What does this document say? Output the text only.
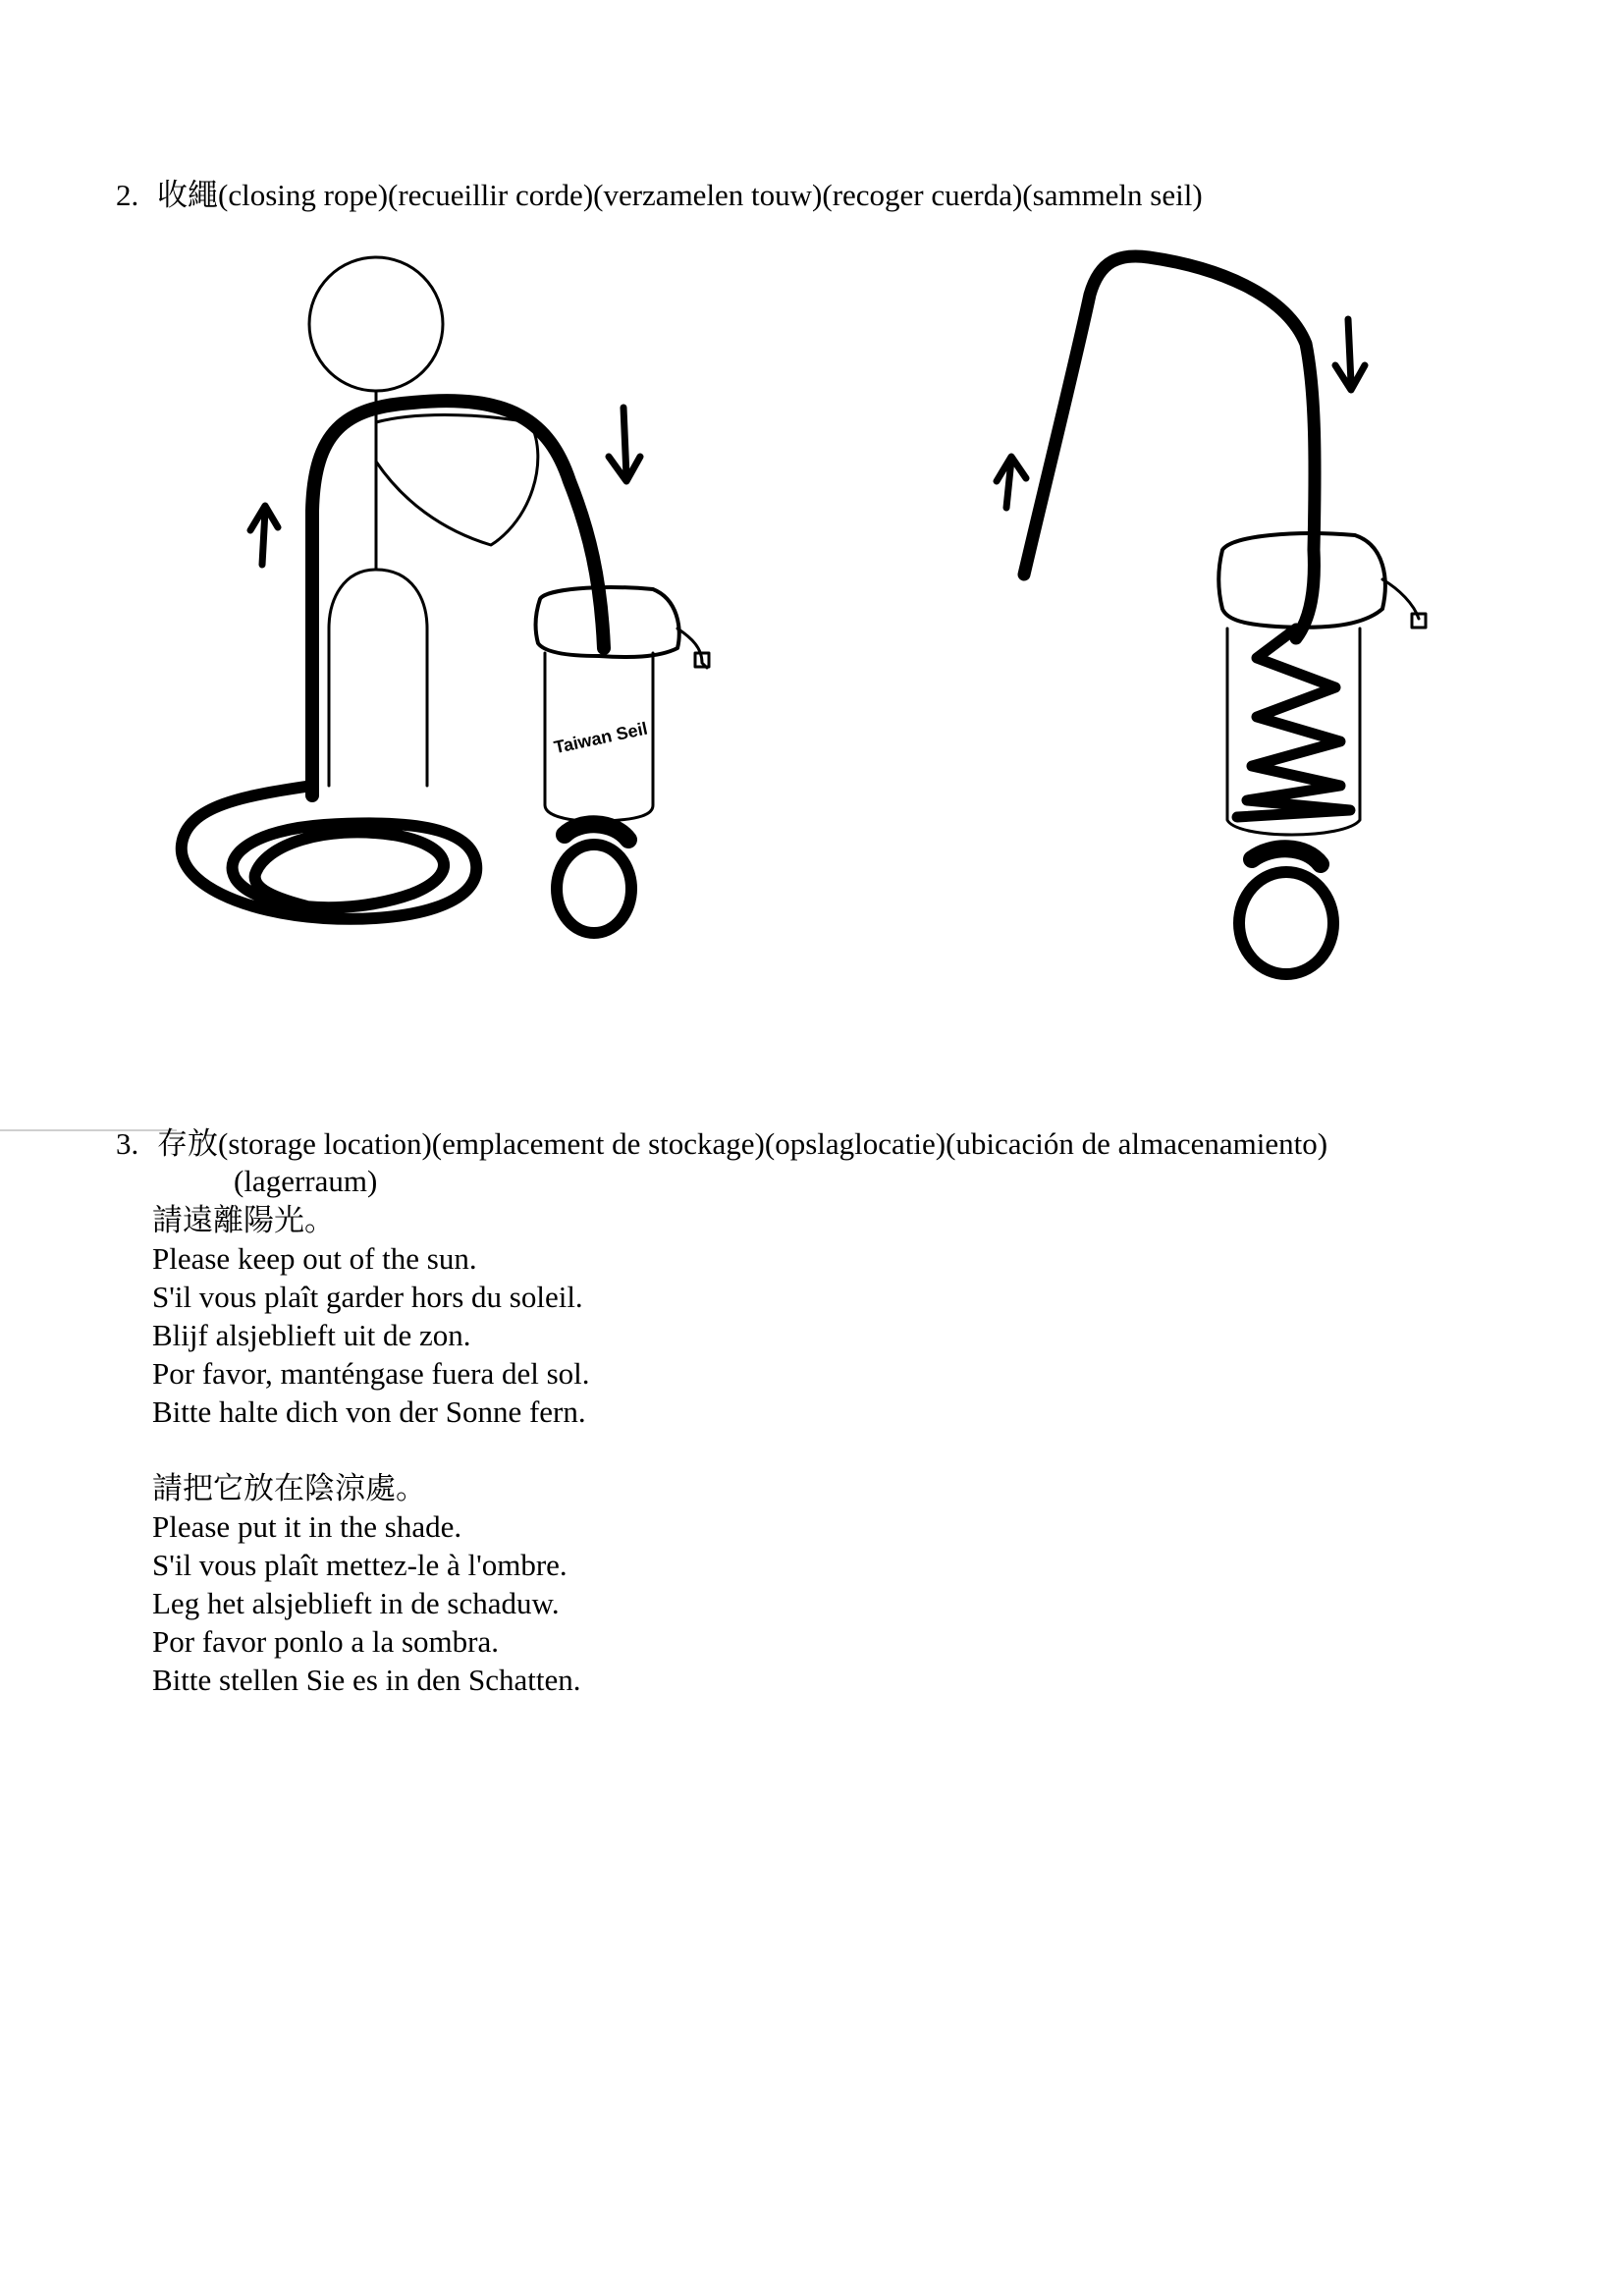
2. 收繩(closing rope)(recueillir corde)(verzamelen touw)(recoger cuerda)(sammeln seil)
Taiwan Seil
3. 存放(storage location)(emplacement de stockage)(opslaglocatie)(ubicación de almacenamiento)
(lagerraum)
請遠離陽光。
Please keep out of the sun.
S'il vous plaît garder hors du soleil.
Blijf alsjeblieft uit de zon.
Por favor, manténgase fuera del sol.
Bitte halte dich von der Sonne fern.
請把它放在陰涼處。
Please put it in the shade.
S'il vous plaît mettez-le à l'ombre.
Leg het alsjeblieft in de schaduw.
Por favor ponlo a la sombra.
Bitte stellen Sie es in den Schatten.
